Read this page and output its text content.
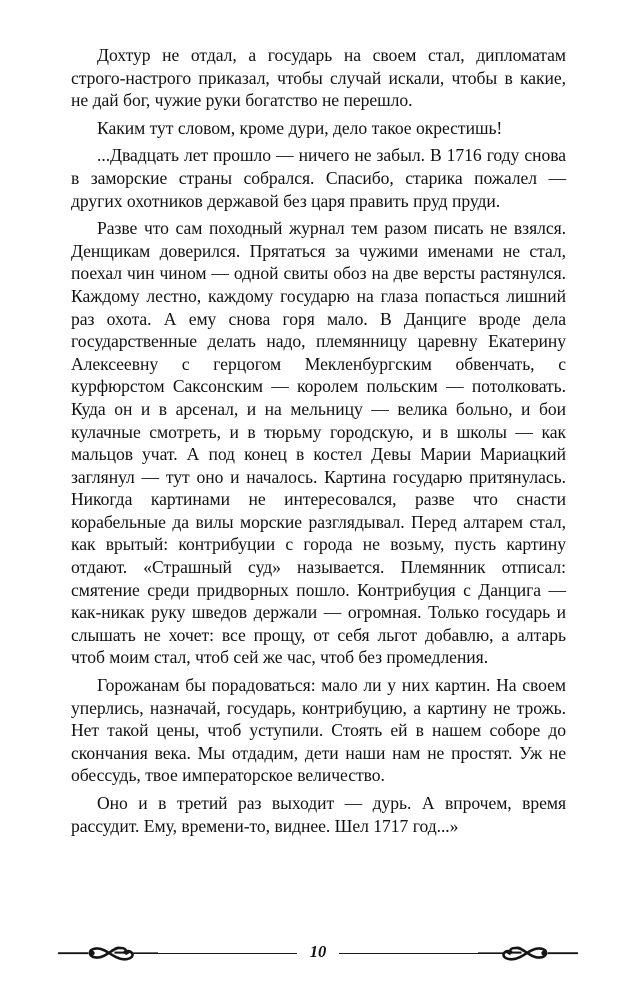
Дохтур не отдал, а государь на своем стал, дипломатам строго-настрого приказал, чтобы случай искали, чтобы в какие, не дай бог, чужие руки богатство не перешло.

Каким тут словом, кроме дури, дело такое окрестишь!

...Двадцать лет прошло — ничего не забыл. В 1716 году снова в заморские страны собрался. Спасибо, старика пожалел — других охотников державой без царя править пруд пруди.

Разве что сам походный журнал тем разом писать не взялся. Денщикам доверился. Прятаться за чужими именами не стал, поехал чин чином — одной свиты обоз на две версты растянулся. Каждому лестно, каждому государю на глаза попасться лишний раз охота. А ему снова горя мало. В Данциге вроде дела государственные делать надо, племянницу царевну Екатерину Алексеевну с герцогом Мекленбургским обвенчать, с курфюрстом Саксонским — королем польским — потолковать. Куда он и в арсенал, и на мельницу — велика больно, и бои кулачные смотреть, и в тюрьму городскую, и в школы — как мальцов учат. А под конец в костел Девы Марии Мариацкий заглянул — тут оно и началось. Картина государю притянулась. Никогда картинами не интересовался, разве что снасти корабельные да вилы морские разглядывал. Перед алтарем стал, как врытый: контрибуции с города не возьму, пусть картину отдают. «Страшный суд» называется. Племянник отписал: смятение среди придворных пошло. Контрибуция с Данцига — как-никак руку шведов держали — огромная. Только государь и слышать не хочет: все прощу, от себя льгот добавлю, а алтарь чтоб моим стал, чтоб сей же час, чтоб без промедления.

Горожанам бы порадоваться: мало ли у них картин. На своем уперлись, назначай, государь, контрибуцию, а картину не трожь. Нет такой цены, чтоб уступили. Стоять ей в нашем соборе до скончания века. Мы отдадим, дети наши нам не простят. Уж не обессудь, твое императорское величество.

Оно и в третий раз выходит — дурь. А впрочем, время рассудит. Ему, времени-то, виднее. Шел 1717 год...»

10
